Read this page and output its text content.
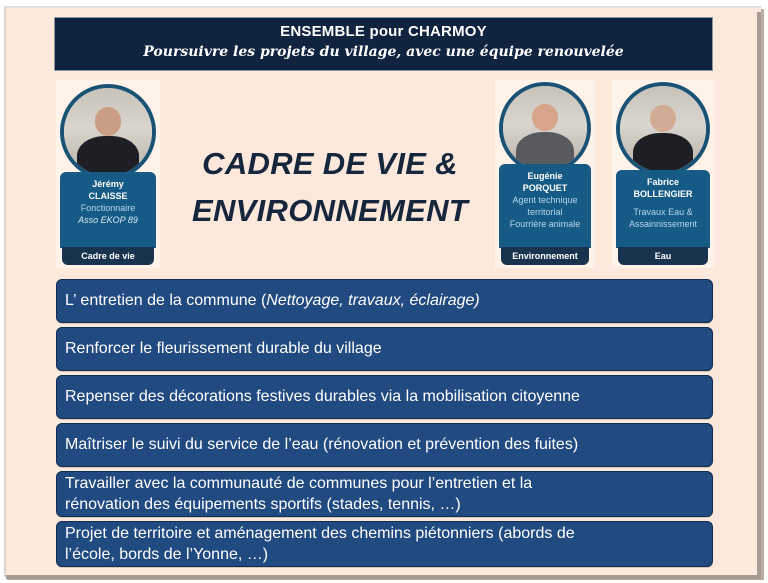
ENSEMBLE pour CHARMOY
Poursuivre les projets du village, avec une équipe renouvelée
Jérémy
CLAISSE
Fonctionnaire
Asso EKOP 89
Cadre de vie
Eugénie
PORQUET
Agent technique
territorial
Fourrière animale
Environnement
Fabrice
BOLLENGIER
Travaux Eau &
Assainnissement
Eau
CADRE DE VIE &
ENVIRONNEMENT
L’ entretien de la commune ( Nettoyage, travaux, éclairage)
Renforcer le fleurissement durable du village
Repenser des décorations festives durables via la mobilisation citoyenne
Maîtriser le suivi du service de l’eau (rénovation et prévention des fuites)
Travailler avec la communauté de communes pour l’entretien et la
rénovation des équipements sportifs (stades, tennis, …)
Projet de territoire et aménagement des chemins piétonniers (abords de
l’école, bords de l’Yonne, …)
